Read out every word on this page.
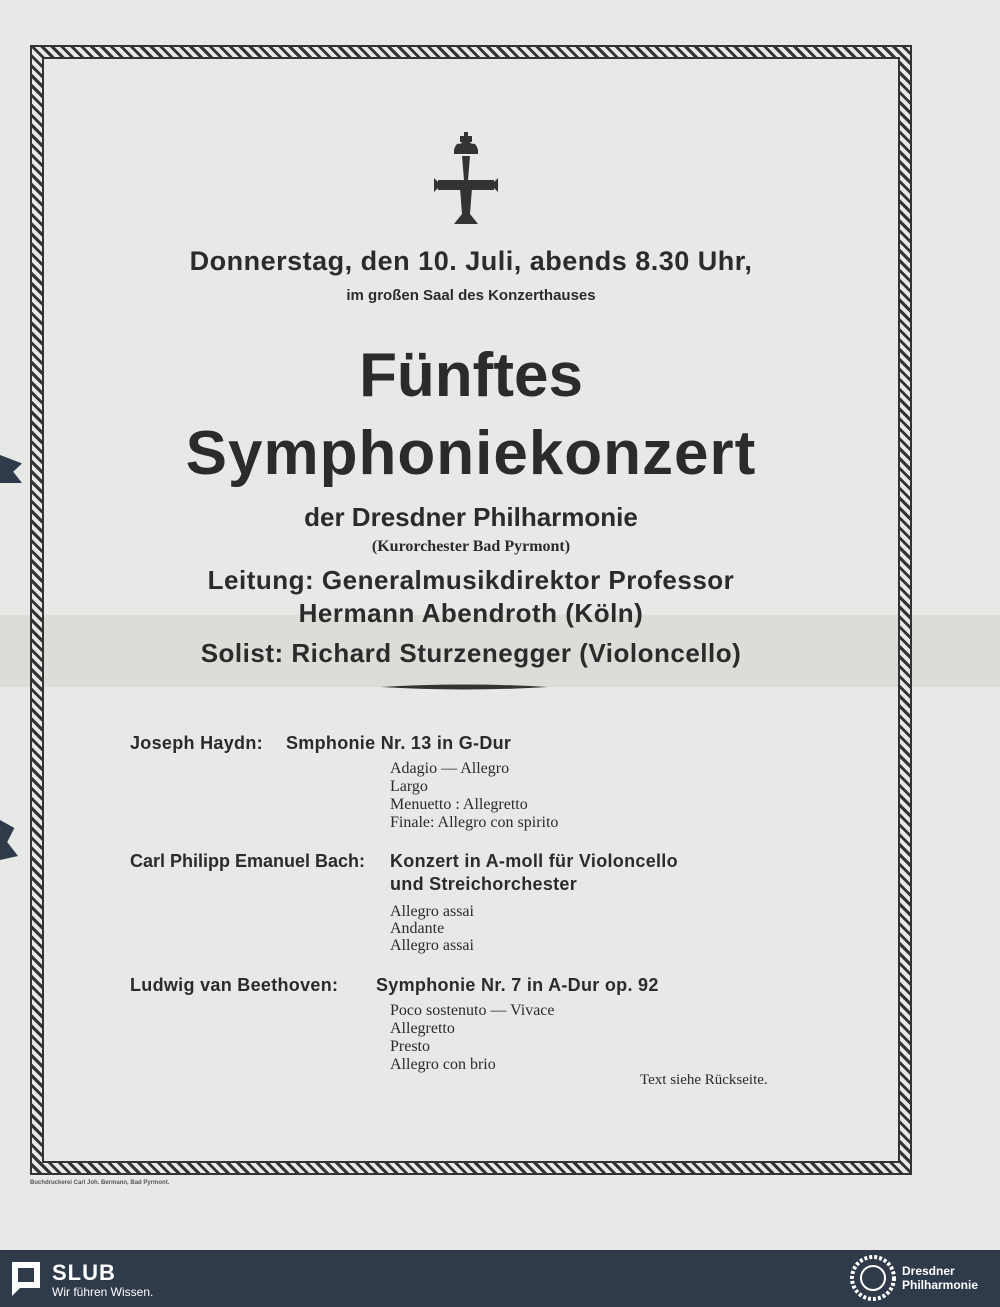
Donnerstag, den 10. Juli, abends 8.30 Uhr,
im großen Saal des Konzerthauses
Fünftes
Symphoniekonzert
der Dresdner Philharmonie
(Kurorchester Bad Pyrmont)
Leitung: Generalmusikdirektor Professor
Hermann Abendroth (Köln)
Solist: Richard Sturzenegger (Violoncello)
Joseph Haydn: Smphonie Nr. 13 in G-Dur
Adagio — Allegro
Largo
Menuetto : Allegretto
Finale: Allegro con spirito
Carl Philipp Emanuel Bach: Konzert in A-moll für Violoncello
und Streichorchester
Allegro assai
Andante
Allegro assai
Ludwig van Beethoven: Symphonie Nr. 7 in A-Dur op. 92
Poco sostenuto — Vivace
Allegretto
Presto
Allegro con brio
Text siehe Rückseite.
Buchdruckerei Carl Joh. Bermann, Bad Pyrmont.
SLUB
Wir führen Wissen.
Dresdner
Philharmonie
